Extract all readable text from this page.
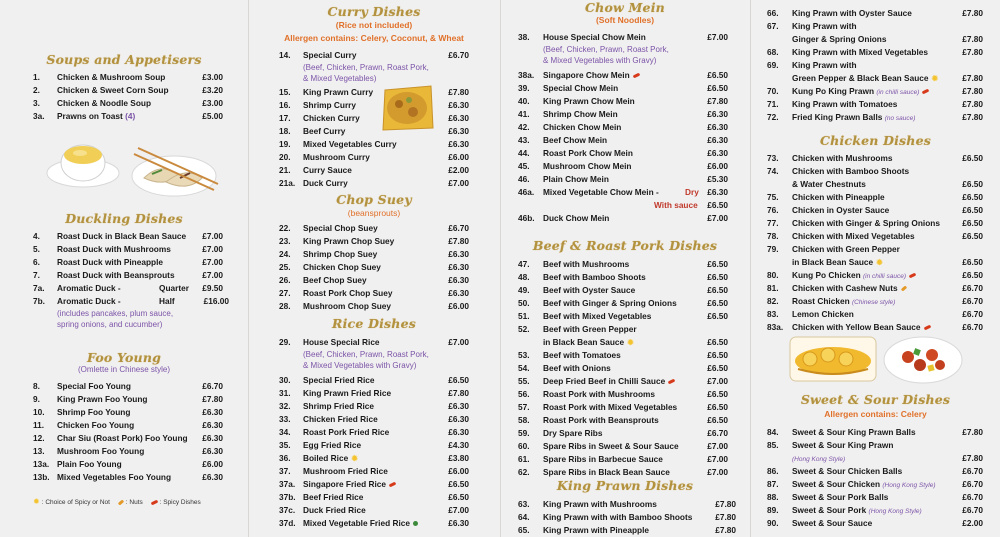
Soups and Appetisers
1. Chicken & Mushroom Soup	£3.00
2. Chicken & Sweet Corn Soup	£3.20
3. Chicken & Noodle Soup	£3.00
3a. Prawns on Toast (4)	£5.00
Duckling Dishes
4. Roast Duck in Black Bean Sauce £7.00
5. Roast Duck with Mushrooms	£7.00
6. Roast Duck with Pineapple	£7.00
7. Roast Duck with Beansprouts	£7.00
7a. Aromatic Duck -	Quarter £9.50
7b. Aromatic Duck -	Half	£16.00
(includes pancakes, plum sauce,
spring onions, and cucumber)
Foo Young
(Omlette in Chinese style)
8. Special Foo Young	£6.70
9. King Prawn Foo Young	£7.80
10. Shrimp Foo Young	£6.30
11. Chicken Foo Young	£6.30
12. Char Siu (Roast Pork) Foo Young £6.30
13. Mushroom Foo Young	£6.30
13a. Plain Foo Young	£6.00
13b. Mixed Vegetables Foo Young	£6.30
✹ : Choice of Spicy or Not : Nuts	: Spicy Dishes
Curry Dishes
(Rice not included)
Allergen contains: Celery, Coconut, & Wheat
14. Special Curry	£6.70
(Beef, Chicken, Prawn, Roast Pork,
& Mixed Vegetables)
15. King Prawn Curry	£7.80
16. Shrimp Curry	£6.30
17. Chicken Curry	£6.30
18. Beef Curry	£6.30
19. Mixed Vegetables Curry	£6.30
20. Mushroom Curry	£6.00
21. Curry Sauce	£2.00
21a. Duck Curry	£7.00
Chop Suey
(beansprouts)
22. Special Chop Suey	£6.70
23. King Prawn Chop Suey	£7.80
24. Shrimp Chop Suey	£6.30
25. Chicken Chop Suey	£6.30
26. Beef Chop Suey	£6.30
27. Roast Pork Chop Suey	£6.30
28. Mushroom Chop Suey	£6.00
Rice Dishes
29. House Special Rice	£7.00
(Beef, Chicken, Prawn, Roast Pork,
& Mixed Vegetables with Gravy)
30. Special Fried Rice	£6.50
31. King Prawn Fried Rice	£7.80
32. Shrimp Fried Rice	£6.30
33. Chicken Fried Rice	£6.30
34. Roast Pork Fried Rice	£6.30
35. Egg Fried Rice	£4.30
36. Boiled Rice ✹	£3.80
37. Mushroom Fried Rice	£6.00
37a. Singapore Fried Rice	£6.50
37b. Beef Fried Rice	£6.50
37c. Duck Fried Rice	£7.00
37d. Mixed Vegetable Fried Rice	£6.30
Chow Mein
(Soft Noodles)
38. House Special Chow Mein	£7.00
(Beef, Chicken, Prawn, Roast Pork,
& Mixed Vegetables with Gravy)
38a. Singapore Chow Mein	£6.50
39. Special Chow Mein	£6.50
40. King Prawn Chow Mein	£7.80
41. Shrimp Chow Mein	£6.30
42. Chicken Chow Mein	£6.30
43. Beef Chow Mein	£6.30
44. Roast Pork Chow Mein	£6.30
45. Mushroom Chow Mein	£6.00
46. Plain Chow Mein	£5.30
46a. Mixed Vegetable Chow Mein -	Dry £6.30
With sauce £6.50
46b. Duck Chow Mein	£7.00
Beef & Roast Pork Dishes
47. Beef with Mushrooms	£6.50
48. Beef with Bamboo Shoots	£6.50
49. Beef with Oyster Sauce	£6.50
50. Beef with Ginger & Spring Onions	£6.50
51. Beef with Mixed Vegetables	£6.50
52. Beef with Green Pepper
in Black Bean Sauce ✹	£6.50
53. Beef with Tomatoes	£6.50
54. Beef with Onions	£6.50
55. Deep Fried Beef in Chilli Sauce	£7.00
56. Roast Pork with Mushrooms	£6.50
57. Roast Pork with Mixed Vegetables	£6.50
58. Roast Pork with Beansprouts	£6.50
59. Dry Spare Ribs	£6.70
60. Spare Ribs in Sweet & Sour Sauce	£7.00
61. Spare Ribs in Barbecue Sauce	£7.00
62. Spare Ribs in Black Bean Sauce	£7.00
King Prawn Dishes
63. King Prawn with Mushrooms	£7.80
64. King Prawn with with Bamboo Shoots	£7.80
65. King Prawn with Pineapple	£7.80
66. King Prawn with Oyster Sauce	£7.80
67. King Prawn with
Ginger & Spring Onions	£7.80
68. King Prawn with Mixed Vegetables	£7.80
69. King Prawn with
Green Pepper & Black Bean Sauce ✹	£7.80
70. Kung Po King Prawn (in chilli sauce)	£7.80
71. King Prawn with Tomatoes	£7.80
72. Fried King Prawn Balls (no sauce)	£7.80
Chicken Dishes
73. Chicken with Mushrooms	£6.50
74. Chicken with Bamboo Shoots
& Water Chestnuts	£6.50
75. Chicken with Pineapple	£6.50
76. Chicken in Oyster Sauce	£6.50
77. Chicken with Ginger & Spring Onions	£6.50
78. Chicken with Mixed Vegetables	£6.50
79. Chicken with Green Pepper
in Black Bean Sauce ✹	£6.50
80. Kung Po Chicken (in chilli sauce)	£6.50
81. Chicken with Cashew Nuts	£6.70
82. Roast Chicken (Chinese style)	£6.70
83. Lemon Chicken	£6.70
83a. Chicken with Yellow Bean Sauce	£6.70
Sweet & Sour Dishes
Allergen contains: Celery
84. Sweet & Sour King Prawn Balls	£7.80
85. Sweet & Sour King Prawn
(Hong Kong Style)	£7.80
86. Sweet & Sour Chicken Balls	£6.70
87. Sweet & Sour Chicken (Hong Kong Style)	£6.70
88. Sweet & Sour Pork Balls	£6.70
89. Sweet & Sour Pork (Hong Kong Style)	£6.70
90. Sweet & Sour Sauce	£2.00
